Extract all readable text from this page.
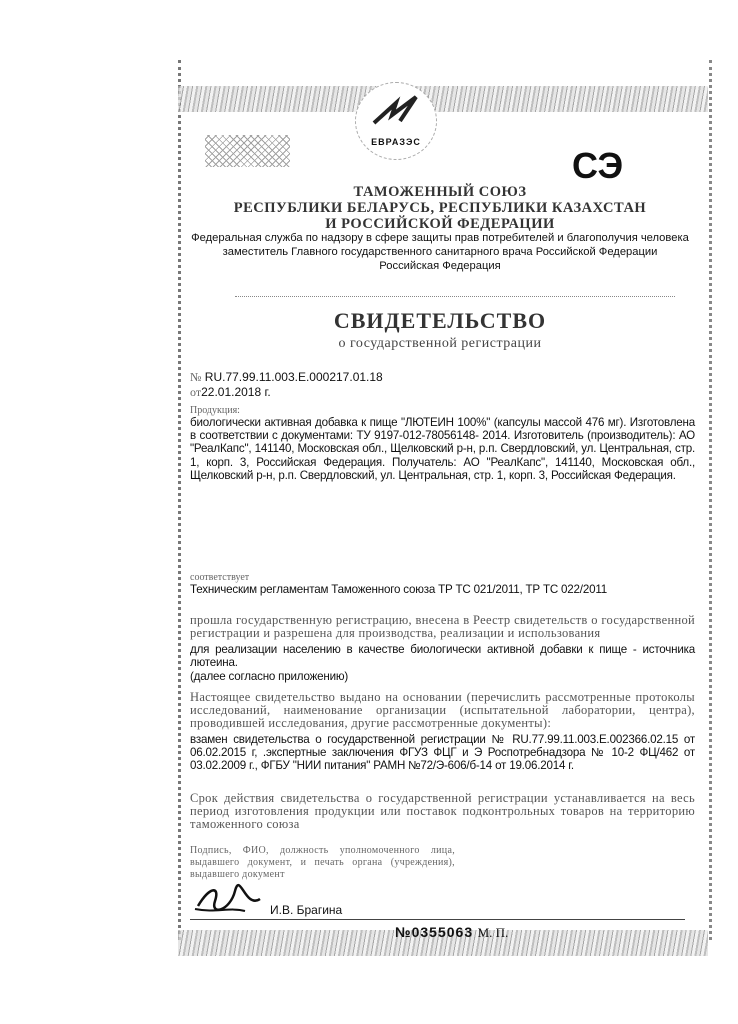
ЕВРАЗЭС
СЭ
ТАМОЖЕННЫЙ СОЮЗ
РЕСПУБЛИКИ БЕЛАРУСЬ, РЕСПУБЛИКИ КАЗАХСТАН
И РОССИЙСКОЙ ФЕДЕРАЦИИ
Федеральная служба по надзору в сфере защиты прав потребителей и благополучия человека
заместитель Главного государственного санитарного врача Российской Федерации
Российская Федерация
СВИДЕТЕЛЬСТВО
о государственной регистрации
№ RU.77.99.11.003.Е.000217.01.18
от22.01.2018 г.
Продукция:
биологически активная добавка к пище "ЛЮТЕИН 100%" (капсулы массой 476 мг). Изготовлена в соответствии с документами: ТУ 9197-012-78056148- 2014. Изготовитель (производитель): АО "РеалКапс", 141140, Московская обл., Щелковский р-н, р.п. Свердловский, ул. Центральная, стр. 1, корп. 3, Российская Федерация. Получатель: АО "РеалКапс", 141140, Московская обл., Щелковский р-н, р.п. Свердловский, ул. Центральная, стр. 1, корп. 3, Российская Федерация.
соответствует
Техническим регламентам Таможенного союза ТР ТС 021/2011, ТР ТС 022/2011
прошла государственную регистрацию, внесена в Реестр свидетельств о государственной регистрации и разрешена для производства, реализации и использования
для реализации населению в качестве биологически активной добавки к пище - источника лютеина.
(далее согласно приложению)
Настоящее свидетельство выдано на основании (перечислить рассмотренные протоколы исследований, наименование организации (испытательной лаборатории, центра), проводившей исследования, другие рассмотренные документы):
взамен свидетельства о государственной регистрации № RU.77.99.11.003.Е.002366.02.15 от 06.02.2015 г, .экспертные заключения ФГУЗ ФЦГ и Э Роспотребнадзора № 10-2 ФЦ/462 от 03.02.2009 г., ФГБУ "НИИ питания" РАМН №72/Э-606/б-14 от 19.06.2014 г.
Срок действия свидетельства о государственной регистрации устанавливается на весь период изготовления продукции или поставок подконтрольных товаров на территорию таможенного союза
Подпись, ФИО, должность уполномоченного лица, выдавшего документ, и печать органа (учреждения), выдавшего документ
И.В. Брагина
№0355063 М. П.
